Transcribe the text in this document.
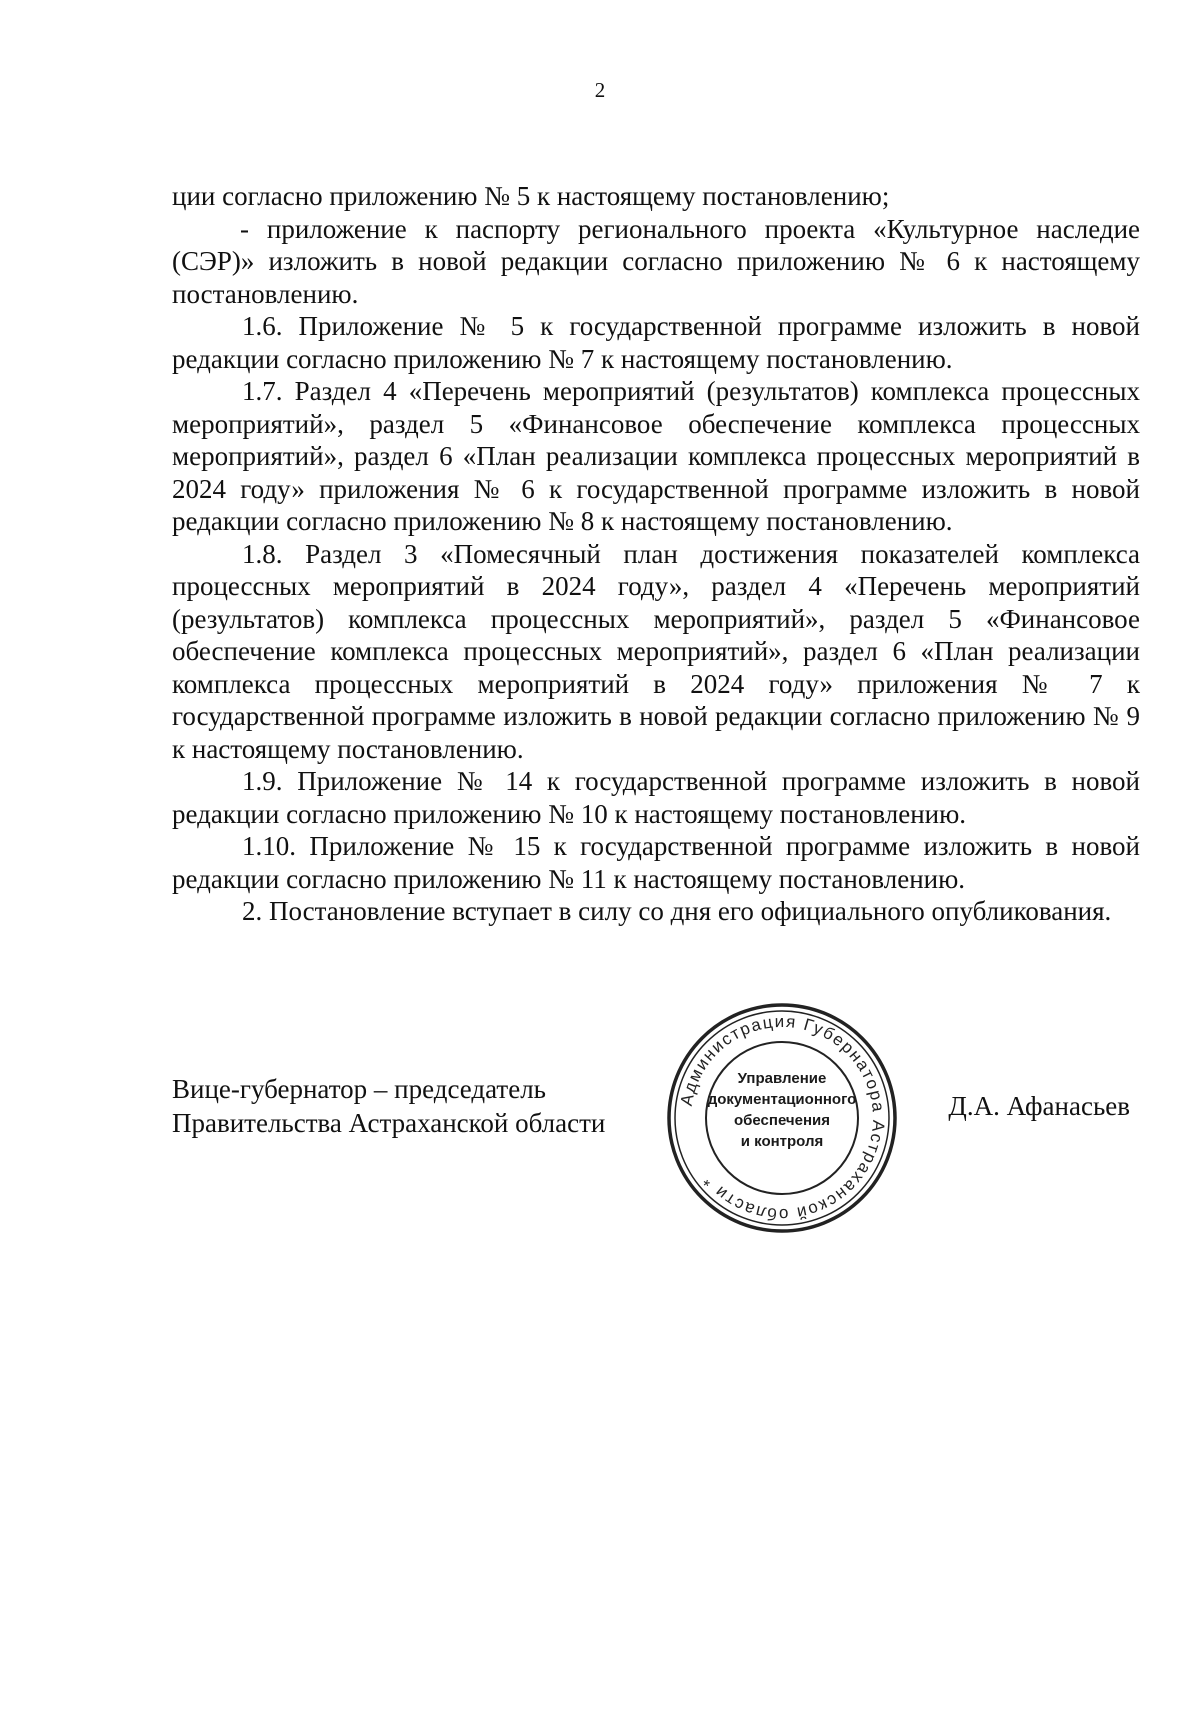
2

ции согласно приложению № 5 к настоящему постановлению;

- приложение к паспорту регионального проекта «Культурное наследие (СЭР)» изложить в новой редакции согласно приложению № 6 к настоящему постановлению.

1.6. Приложение № 5 к государственной программе изложить в новой редакции согласно приложению № 7 к настоящему постановлению.

1.7. Раздел 4 «Перечень мероприятий (результатов) комплекса процессных мероприятий», раздел 5 «Финансовое обеспечение комплекса процессных мероприятий», раздел 6 «План реализации комплекса процессных мероприятий в 2024 году» приложения № 6 к государственной программе изложить в новой редакции согласно приложению № 8 к настоящему постановлению.

1.8. Раздел 3 «Помесячный план достижения показателей комплекса процессных мероприятий в 2024 году», раздел 4 «Перечень мероприятий (результатов) комплекса процессных мероприятий», раздел 5 «Финансовое обеспечение комплекса процессных мероприятий», раздел 6 «План реализации комплекса процессных мероприятий в 2024 году» приложения № 7 к государственной программе изложить в новой редакции согласно приложению № 9 к настоящему постановлению.

1.9. Приложение № 14 к государственной программе изложить в новой редакции согласно приложению № 10 к настоящему постановлению.

1.10. Приложение № 15 к государственной программе изложить в новой редакции согласно приложению № 11 к настоящему постановлению.

2. Постановление вступает в силу со дня его официального опубликования.

Вице-губернатор – председатель
Правительства Астраханской области
Администрация Губернатора Астраханской области *
Управление
документационного
обеспечения
и контроля
Д.А. Афанасьев
